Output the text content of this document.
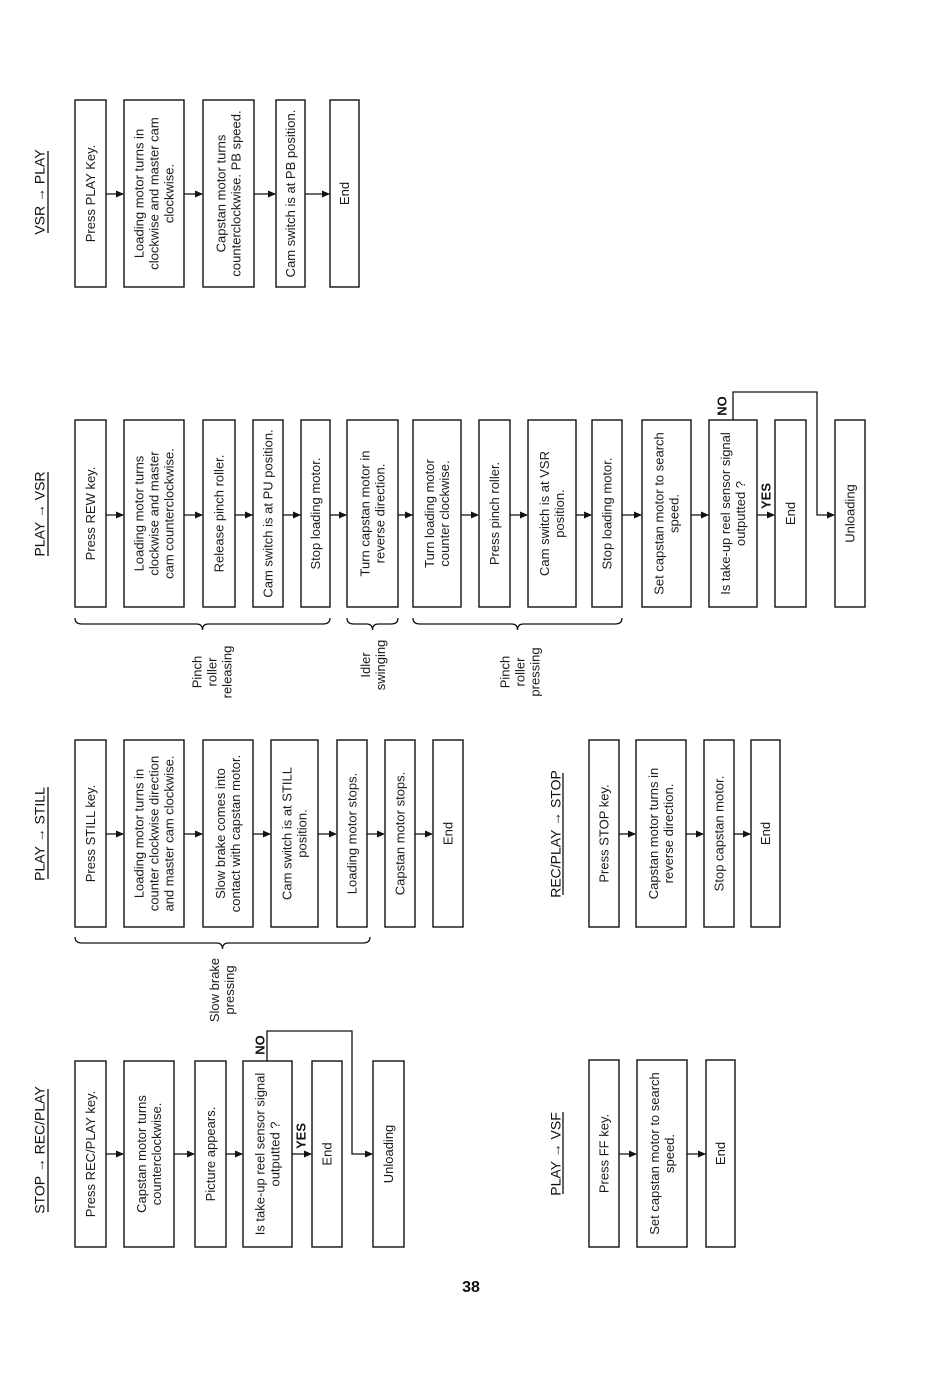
STOP → REC/PLAY	Press REC/PLAY key.	Capstan motor turnscounterclockwise.	Picture appears.	Is take-up reel sensor signaloutputted ?	End	Unloading
NO
YES
PLAY → STILL	Press STILL key.	Loading motor turns incounter clockwise directionand master cam clockwise.	Slow brake comes intocontact with capstan motor.	Cam switch is at STILLposition.	Loading motor stops.	Capstan motor stops.	End
Slow brakepressing
PLAY → VSR	Press REW key.	Loading motor turnsclockwise and mastercam counterclockwise.	Release pinch roller.	Cam switch is at PU position.	Stop loading motor.	Turn capstan motor inreverse direction.	Turn loading motorcounter clockwise.	Press pinch roller.	Cam switch is at VSRposition.	Stop loading motor.	Set capstan motor to searchspeed.	Is take-up reel sensor signaloutputted ?	End	Unloading
NO
YES
Pinchrollerreleasing	Idlerswinging	Pinchrollerpressing
VSR → PLAY	Press PLAY Key.	Loading motor turns inclockwise and master camclockwise.	Capstan motor turnscounterclockwise. PB speed.	Cam switch is at PB position.	End
PLAY → VSF	Press FF key.	Set capstan motor to searchspeed.	End
REC/PLAY → STOP	Press STOP key.	Capstan motor turns inreverse direction.	Stop capstan motor. End
38
